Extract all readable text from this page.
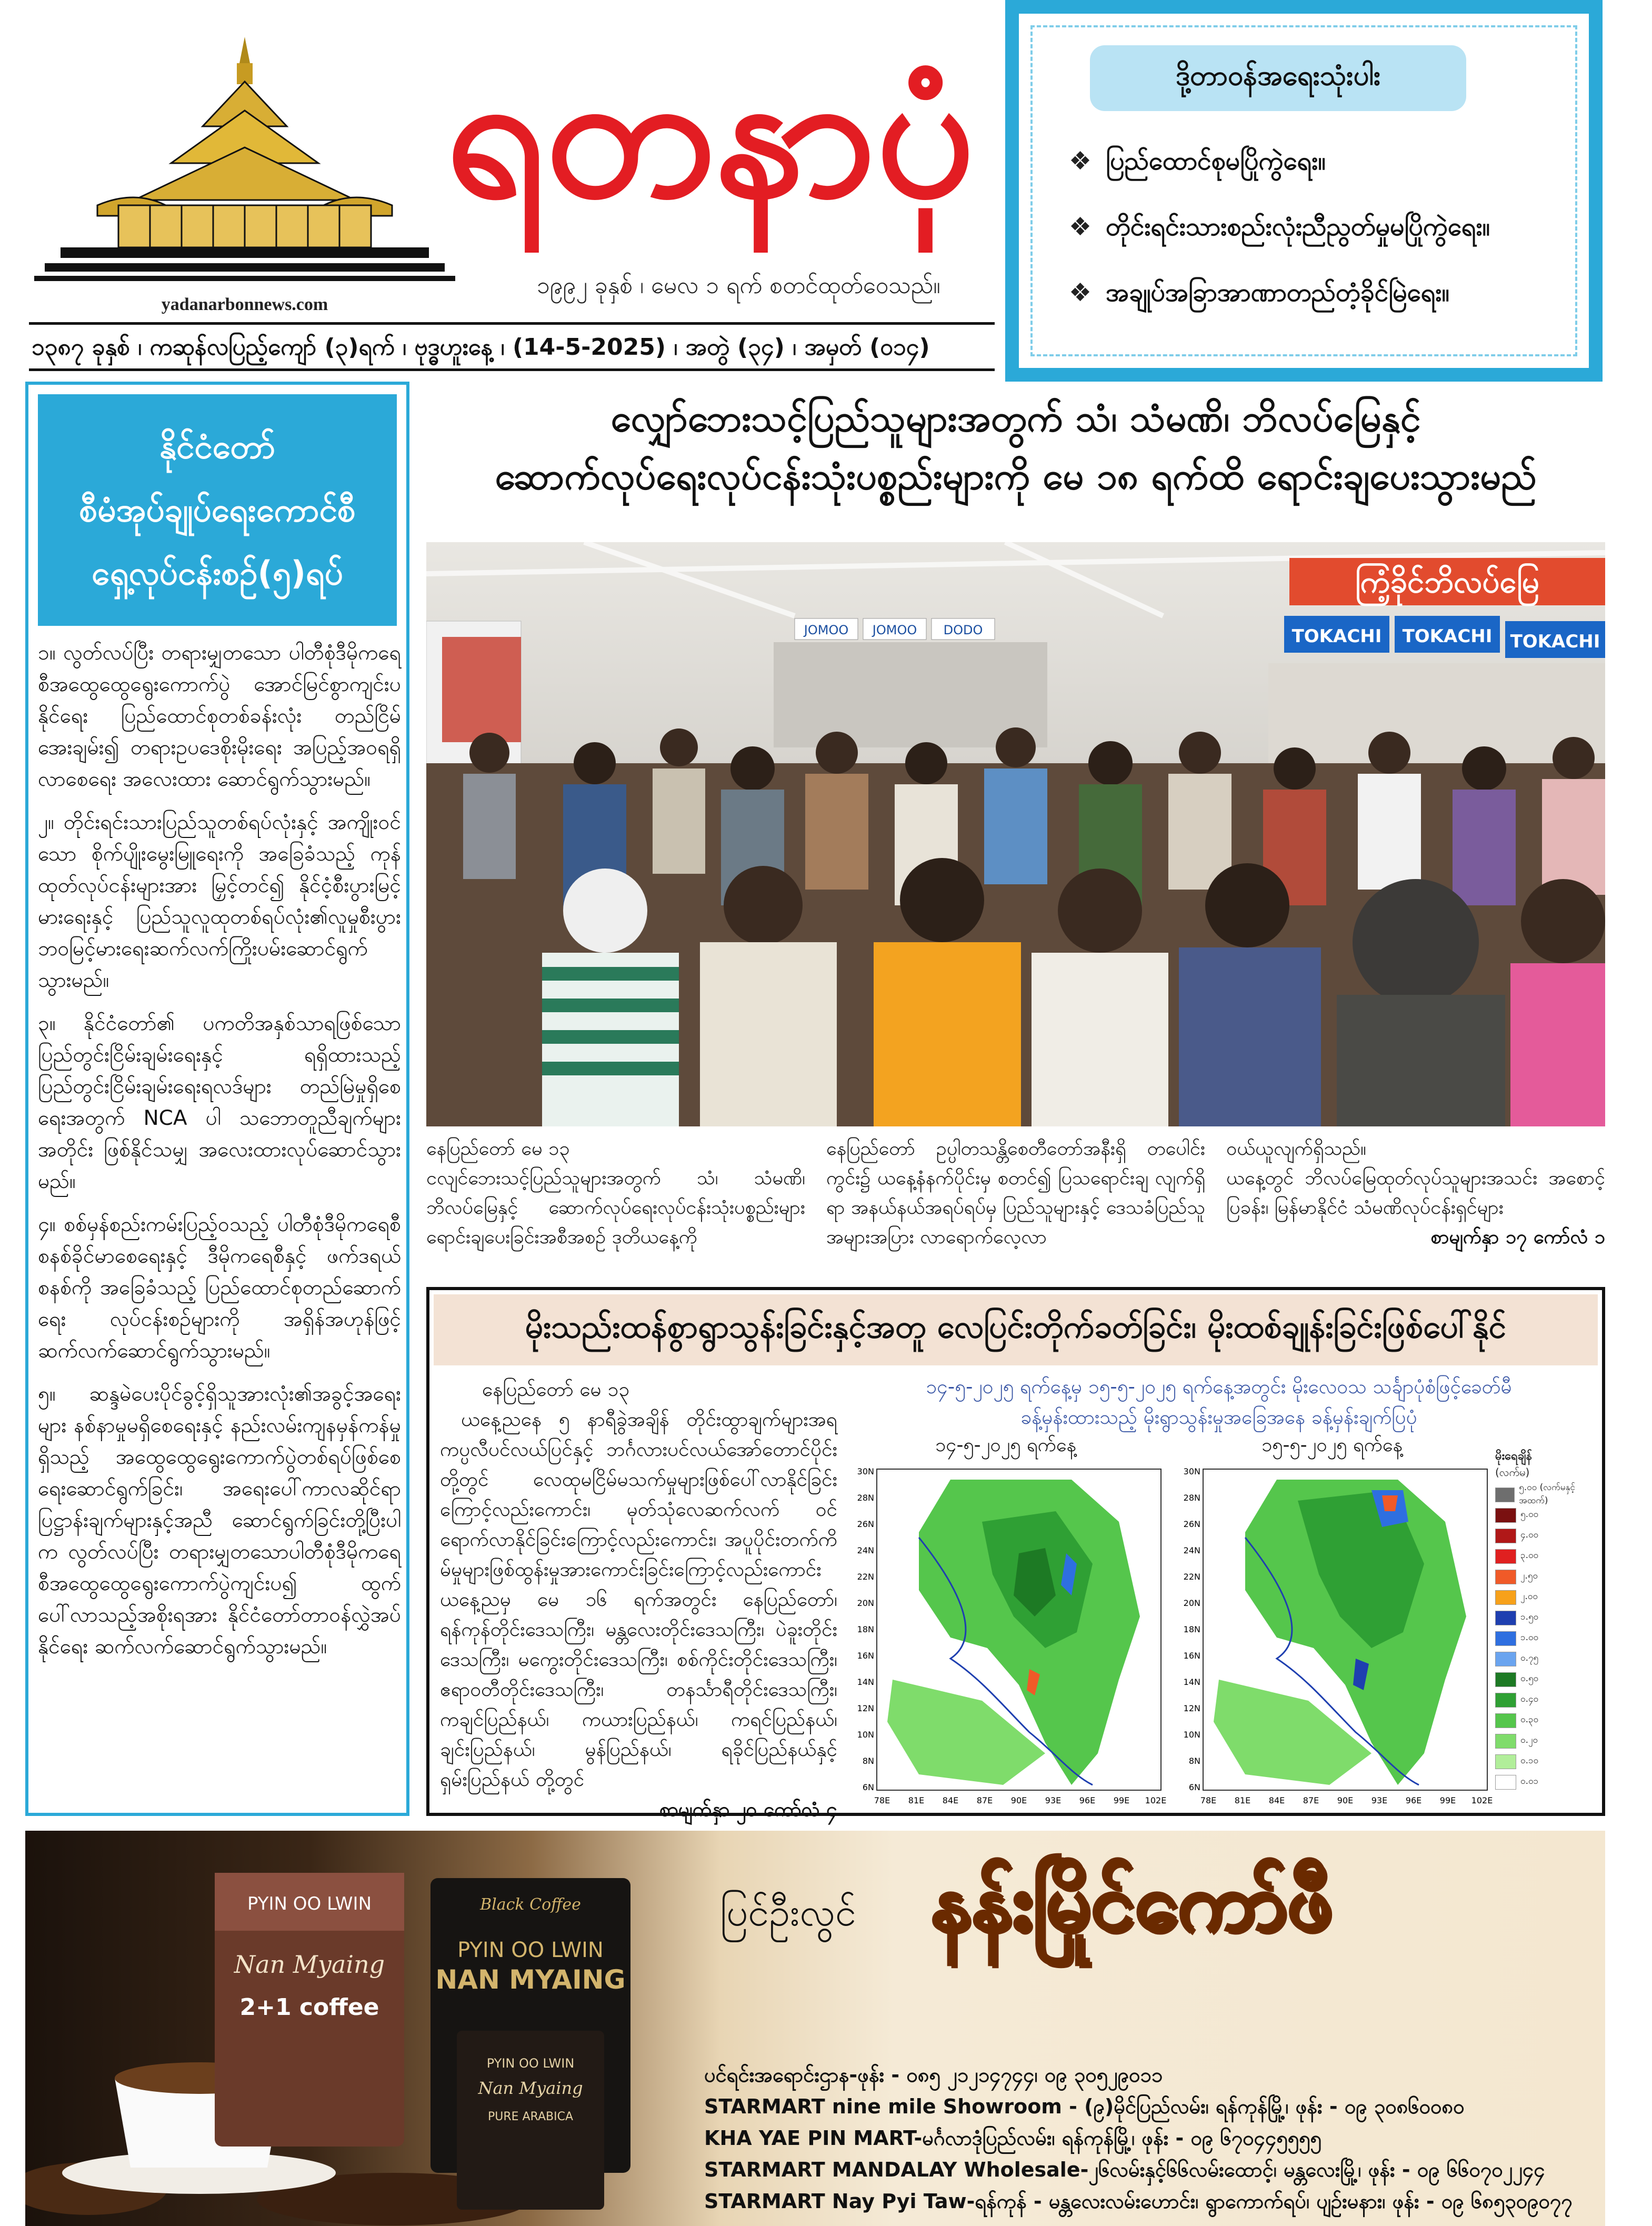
yadanarbonnews.com
ရတနာပုံ
၁၉၉၂ ခုနှစ် ၊ မေလ ၁ ရက် စတင်ထုတ်ဝေသည်။
၁၃၈၇ ခုနှစ် ၊ ကဆုန်လပြည့်ကျော် (၃)ရက် ၊ ဗုဒ္ဓဟူးနေ့ ၊ (14-5-2025) ၊ အတွဲ (၃၄) ၊ အမှတ် (၀၁၄)
ဒို့တာဝန်အရေးသုံးပါး
❖ ပြည်ထောင်စုမပြိုကွဲရေး။
❖ တိုင်းရင်းသားစည်းလုံးညီညွတ်မှုမပြိုကွဲရေး။
❖ အချုပ်အခြာအာဏာတည်တံ့ခိုင်မြဲရေး။
နိုင်ငံတော်
စီမံအုပ်ချုပ်ရေးကောင်စီ
ရှေ့လုပ်ငန်းစဉ်(၅)ရပ်

၁။ လွတ်လပ်ပြီး တရားမျှတသော ပါတီစုံဒီမိုကရေစီအထွေထွေရွေးကောက်ပွဲ အောင်မြင်စွာကျင်းပနိုင်ရေး ပြည်ထောင်စုတစ်ခန်းလုံး တည်ငြိမ်အေးချမ်း၍ တရားဥပဒေစိုးမိုးရေး အပြည့်အဝရရှိလာစေရေး အလေးထား ဆောင်ရွက်သွားမည်။

၂။ တိုင်းရင်းသားပြည်သူတစ်ရပ်လုံးနှင့် အကျိုးဝင်သော စိုက်ပျိုးမွေးမြူရေးကို အခြေခံသည့် ကုန်ထုတ်လုပ်ငန်းများအား မြှင့်တင်၍ နိုင်ငံ့စီးပွားမြင့်မားရေးနှင့် ပြည်သူလူထုတစ်ရပ်လုံး၏လူမှုစီးပွားဘဝမြင့်မားရေးဆက်လက်ကြိုးပမ်းဆောင်ရွက်သွားမည်။

၃။ နိုင်ငံတော်၏ ပကတိအနှစ်သာရဖြစ်သော ပြည်တွင်းငြိမ်းချမ်းရေးနှင့် ရရှိထားသည့် ပြည်တွင်းငြိမ်းချမ်းရေးရလဒ်များ တည်မြဲမှုရှိစေရေးအတွက် NCA ပါ သဘောတူညီချက်များအတိုင်း ဖြစ်နိုင်သမျှ အလေးထားလုပ်ဆောင်သွားမည်။

၄။ စစ်မှန်စည်းကမ်းပြည့်ဝသည့် ပါတီစုံဒီမိုကရေစီစနစ်ခိုင်မာစေရေးနှင့် ဒီမိုကရေစီနှင့် ဖက်ဒရယ်စနစ်ကို အခြေခံသည့် ပြည်ထောင်စုတည်ဆောက်ရေး လုပ်ငန်းစဉ်များကို အရှိန်အဟုန်ဖြင့် ဆက်လက်ဆောင်ရွက်သွားမည်။

၅။ ဆန္ဒမဲပေးပိုင်ခွင့်ရှိသူအားလုံး၏အခွင့်အရေးများ နစ်နာမှုမရှိစေရေးနှင့် နည်းလမ်းကျနမှန်ကန်မှုရှိသည့် အထွေထွေရွေးကောက်ပွဲတစ်ရပ်ဖြစ်စေရေးဆောင်ရွက်ခြင်း၊ အရေးပေါ်ကာလဆိုင်ရာ ပြဋ္ဌာန်းချက်များနှင့်အညီ ဆောင်ရွက်ခြင်းတို့ပြီးပါက လွတ်လပ်ပြီး တရားမျှတသောပါတီစုံဒီမိုကရေစီအထွေထွေရွေးကောက်ပွဲကျင်းပ၍ ထွက်ပေါ်လာသည့်အစိုးရအား နိုင်ငံတော်တာဝန်လွှဲအပ်နိုင်ရေး ဆက်လက်ဆောင်ရွက်သွားမည်။

လျှော်ဘေးသင့်ပြည်သူများအတွက် သံ၊ သံမဏိ၊ ဘိလပ်မြေနှင့်
ဆောက်လုပ်ရေးလုပ်ငန်းသုံးပစ္စည်းများကို မေ ၁၈ ရက်ထိ ရောင်းချပေးသွားမည်
ကြံ့ခိုင်ဘိလပ်မြေ
TOKACHI TOKACHI TOKACHI
JOMOO JOMOO DODO
နေပြည်တော် မေ ၁၃
ငလျင်ဘေးသင့်ပြည်သူများအတွက် သံ၊ သံမဏိ၊ ဘိလပ်မြေနှင့် ဆောက်လုပ်ရေးလုပ်ငန်းသုံးပစ္စည်းများ ရောင်းချပေးခြင်းအစီအစဉ် ဒုတိယနေ့ကို
နေပြည်တော် ဥပ္ပါတသန္တိစေတီတော်အနီးရှိ တပေါင်း ကွင်း၌ ယနေ့နံနက်ပိုင်းမှ စတင်၍ ပြသရောင်းချ လျက်ရှိရာ အနယ်နယ်အရပ်ရပ်မှ ပြည်သူများနှင့် ဒေသခံပြည်သူအများအပြား လာရောက်လေ့လာ
ဝယ်ယူလျက်ရှိသည်။
ယနေ့တွင် ဘိလပ်မြေထုတ်လုပ်သူများအသင်း အစောင့်ပြခန်း၊ မြန်မာနိုင်ငံ သံမဏိလုပ်ငန်းရှင်များ
စာမျက်နှာ ၁၇ ကော်လံ ၁
မိုးသည်းထန်စွာရွာသွန်းခြင်းနှင့်အတူ လေပြင်းတိုက်ခတ်ခြင်း၊ မိုးထစ်ချုန်းခြင်းဖြစ်ပေါ်နိုင်
နေပြည်တော် မေ ၁၃
ယနေ့ညနေ ၅ နာရီခွဲအချိန် တိုင်းထွာချက်များအရ ကပ္ပလီပင်လယ်ပြင်နှင့် ဘင်္ဂလားပင်လယ်အော်တောင်ပိုင်းတို့တွင် လေထုမငြိမ်မသက်မှုများဖြစ်ပေါ်လာနိုင်ခြင်းကြောင့်လည်းကောင်း၊ မုတ်သုံလေဆက်လက် ဝင်ရောက်လာနိုင်ခြင်းကြောင့်လည်းကောင်း၊ အပူပိုင်းတက်ကိမ်မှုများဖြစ်ထွန်းမှုအားကောင်းခြင်းကြောင့်လည်းကောင်း ယနေ့ညမှ မေ ၁၆ ရက်အတွင်း နေပြည်တော်၊ ရန်ကုန်တိုင်းဒေသကြီး၊ မန္တလေးတိုင်းဒေသကြီး၊ ပဲခူးတိုင်းဒေသကြီး၊ မကွေးတိုင်းဒေသကြီး၊ စစ်ကိုင်းတိုင်းဒေသကြီး၊ ဧရာဝတီတိုင်းဒေသကြီး၊ တနင်္သာရီတိုင်းဒေသကြီး၊ ကချင်ပြည်နယ်၊ ကယားပြည်နယ်၊ ကရင်ပြည်နယ်၊ ချင်းပြည်နယ်၊ မွန်ပြည်နယ်၊ ရခိုင်ပြည်နယ်နှင့် ရှမ်းပြည်နယ် တို့တွင်
စာမျက်နှာ ၂၀ ကော်လံ ၄
၁၄-၅-၂၀၂၅ ရက်နေ့မှ ၁၅-၅-၂၀၂၅ ရက်နေ့အတွင်း မိုးလေဝသ သင်္ချာပုံစံဖြင့်ခေတ်မီ
ခန့်မှန်းထားသည့် မိုးရွာသွန်းမှုအခြေအနေ ခန့်မှန်းချက်ပြပုံ
၁၄-၅-၂၀၂၅ ရက်နေ့
30N
28N
26N
24N
22N
20N
18N
16N
14N
12N
10N
8N
6N
78E 81E 84E 87E 90E 93E 96E 99E 102E
၁၅-၅-၂၀၂၅ ရက်နေ့
30N
28N
26N
24N
22N
20N
18N
16N
14N
12N
10N
8N
6N
78E 81E 84E 87E 90E 93E 96E 99E 102E
မိုးရေချိန်
(လက်မ)
၅.၀၀ (လက်မနှင့် အထက်)
၅.၀၀
၄.၀၀
၃.၀၀
၂.၅၀
၂.၀၀
၁.၅၀
၁.၀၀
၀.၇၅
၀.၅၀
၀.၄၀
၀.၃၀
၀.၂၀
၀.၁၀
၀.၀၁
PYIN OO LWIN
Nan Myaing
2+1 coffee
Black Coffee
PYIN OO LWIN
NAN MYAING
PYIN OO LWIN
Nan Myaing
PURE ARABICA
ပြင်ဦးလွင် နန်းမြိုင်ကော်ဖီ
ပင်ရင်းအရောင်းဌာန-ဖုန်း - ၀၈၅ ၂၁၂၁၄၇၄၄၊ ၀၉ ၃၀၅၂၉၀၁၁
STARMART nine mile Showroom - (၉)မိုင်ပြည်လမ်း၊ ရန်ကုန်မြို့၊ ဖုန်း - ၀၉ ၃၀၈၆၀၀၈၀
KHA YAE PIN MART-မင်္ဂလာဒုံပြည်လမ်း၊ ရန်ကုန်မြို့၊ ဖုန်း - ၀၉ ၆၇၀၄၄၅၅၅၅
STARMART MANDALAY Wholesale-၂၆လမ်းနှင့်၆၆လမ်းထောင့်၊ မန္တလေးမြို့၊ ဖုန်း - ၀၉ ၆၆၀၇၀၂၂၄၄
STARMART Nay Pyi Taw-ရန်ကုန် - မန္တလေးလမ်းဟောင်း၊ ရွာကောက်ရပ်၊ ပျဉ်းမနား၊ ဖုန်း - ၀၉ ၆၈၅၃၀၉၀၇၇
